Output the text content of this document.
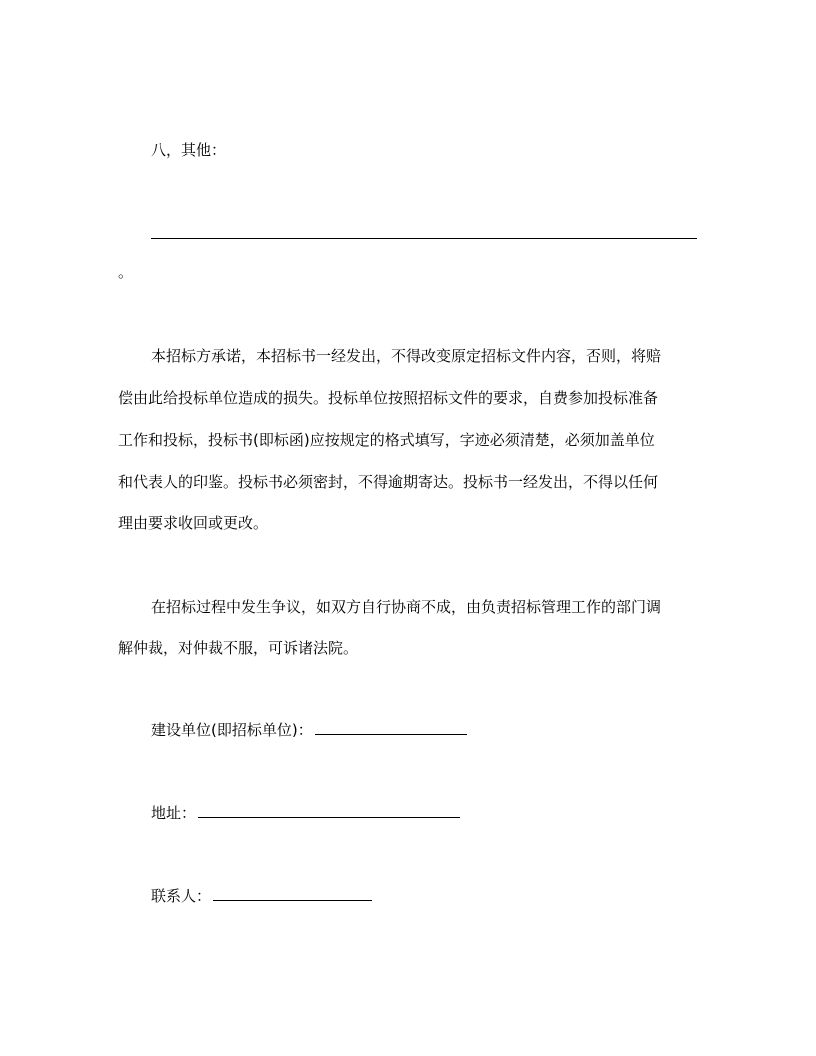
八，其他：
。
本招标方承诺，本招标书一经发出，不得改变原定招标文件内容，否则，将赔
偿由此给投标单位造成的损失。投标单位按照招标文件的要求，自费参加投标准备
工作和投标，投标书(即标函)应按规定的格式填写，字迹必须清楚，必须加盖单位
和代表人的印鉴。投标书必须密封，不得逾期寄达。投标书一经发出，不得以任何
理由要求收回或更改。
在招标过程中发生争议，如双方自行协商不成，由负责招标管理工作的部门调
解仲裁，对仲裁不服，可诉诸法院。
建设单位(即招标单位)：
地址：
联系人：
